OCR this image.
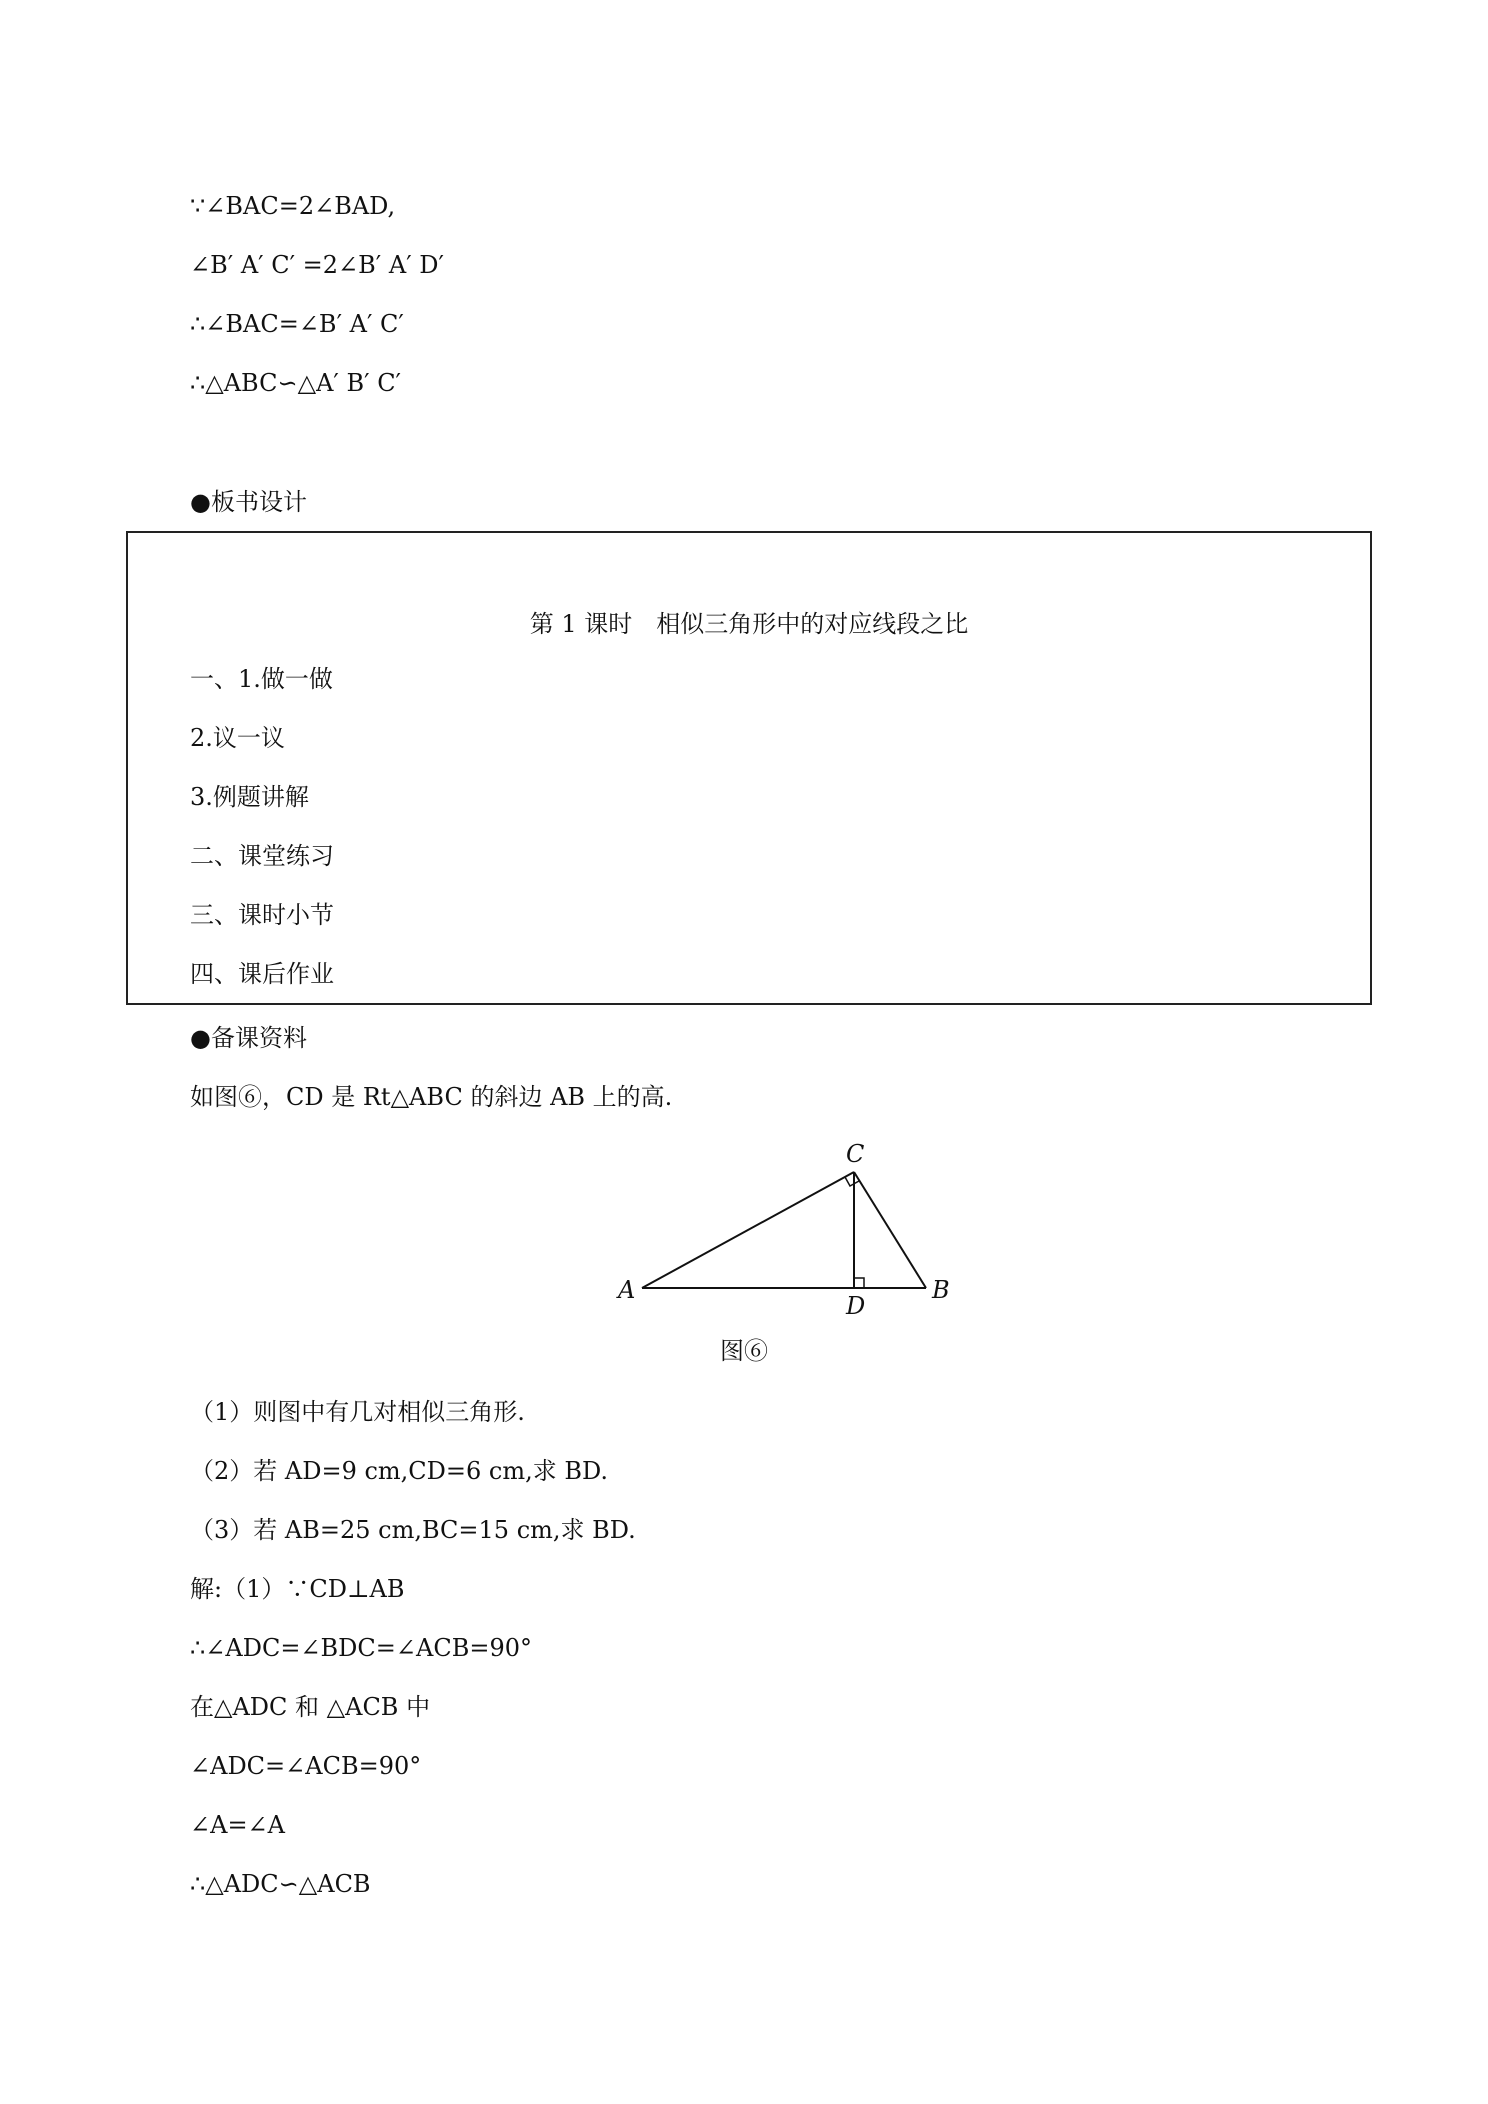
∵∠BAC=2∠BAD,
∠B′ A′ C′ =2∠B′ A′ D′
∴∠BAC=∠B′ A′ C′
∴△ABC∽△A′ B′ C′
●板书设计
第 1 课时　相似三角形中的对应线段之比
一、1.做一做
2.议一议
3.例题讲解
二、课堂练习
三、课时小节
四、课后作业
●备课资料
如图⑥，CD 是 Rt△ABC 的斜边 AB 上的高.
A	B
C
D
图⑥
（1）则图中有几对相似三角形.
（2）若 AD=9 cm,CD=6 cm,求 BD.
（3）若 AB=25 cm,BC=15 cm,求 BD.
解:（1）∵CD⊥AB
∴∠ADC=∠BDC=∠ACB=90°
在△ADC 和 △ACB 中
∠ADC=∠ACB=90°
∠A=∠A
∴△ADC∽△ACB
